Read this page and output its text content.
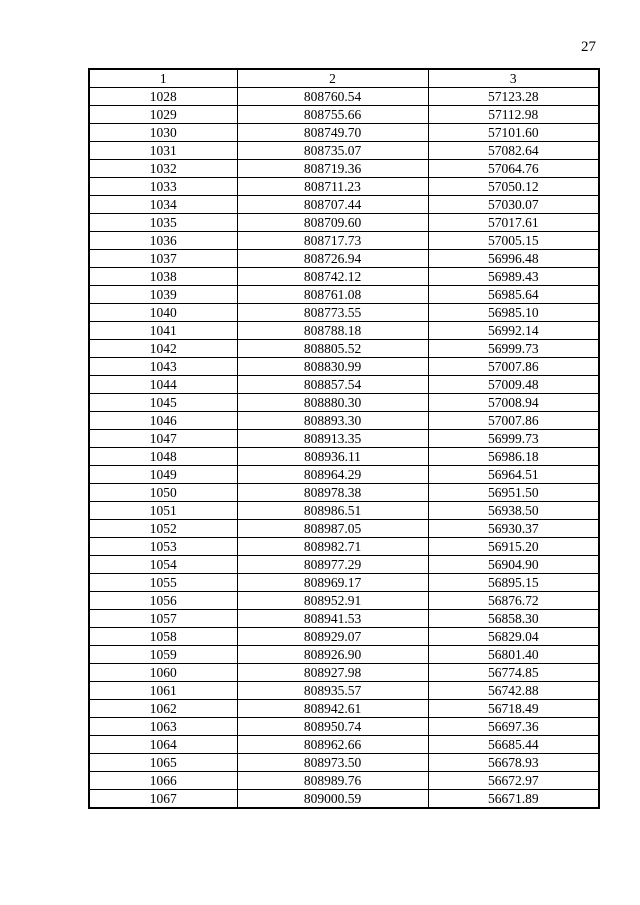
27
1	2	3
1028	808760.54	57123.28
1029	808755.66	57112.98
1030	808749.70	57101.60
1031	808735.07	57082.64
1032	808719.36	57064.76
1033	808711.23	57050.12
1034	808707.44	57030.07
1035	808709.60	57017.61
1036	808717.73	57005.15
1037	808726.94	56996.48
1038	808742.12	56989.43
1039	808761.08	56985.64
1040	808773.55	56985.10
1041	808788.18	56992.14
1042	808805.52	56999.73
1043	808830.99	57007.86
1044	808857.54	57009.48
1045	808880.30	57008.94
1046	808893.30	57007.86
1047	808913.35	56999.73
1048	808936.11	56986.18
1049	808964.29	56964.51
1050	808978.38	56951.50
1051	808986.51	56938.50
1052	808987.05	56930.37
1053	808982.71	56915.20
1054	808977.29	56904.90
1055	808969.17	56895.15
1056	808952.91	56876.72
1057	808941.53	56858.30
1058	808929.07	56829.04
1059	808926.90	56801.40
1060	808927.98	56774.85
1061	808935.57	56742.88
1062	808942.61	56718.49
1063	808950.74	56697.36
1064	808962.66	56685.44
1065	808973.50	56678.93
1066	808989.76	56672.97
1067	809000.59	56671.89
